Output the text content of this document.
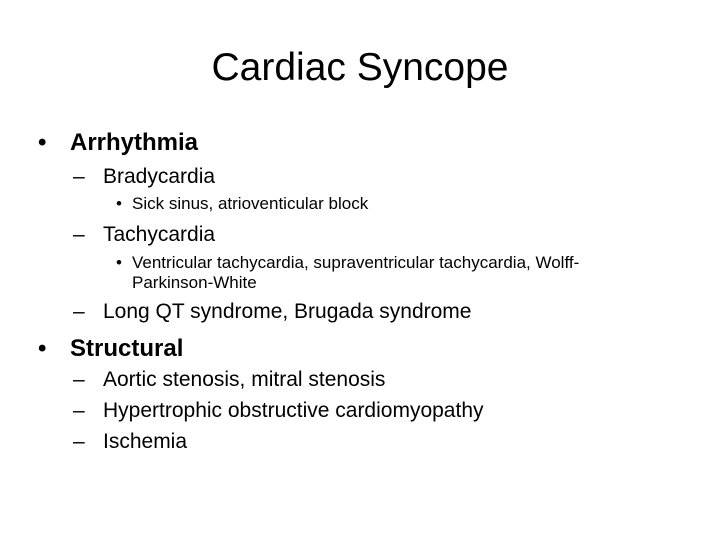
Cardiac Syncope
• Arrhythmia
– Bradycardia
• Sick sinus, atrioventicular block
– Tachycardia
• Ventricular tachycardia, supraventricular tachycardia, Wolff-
Parkinson-White
– Long QT syndrome, Brugada syndrome
• Structural
– Aortic stenosis, mitral stenosis
– Hypertrophic obstructive cardiomyopathy
– Ischemia
